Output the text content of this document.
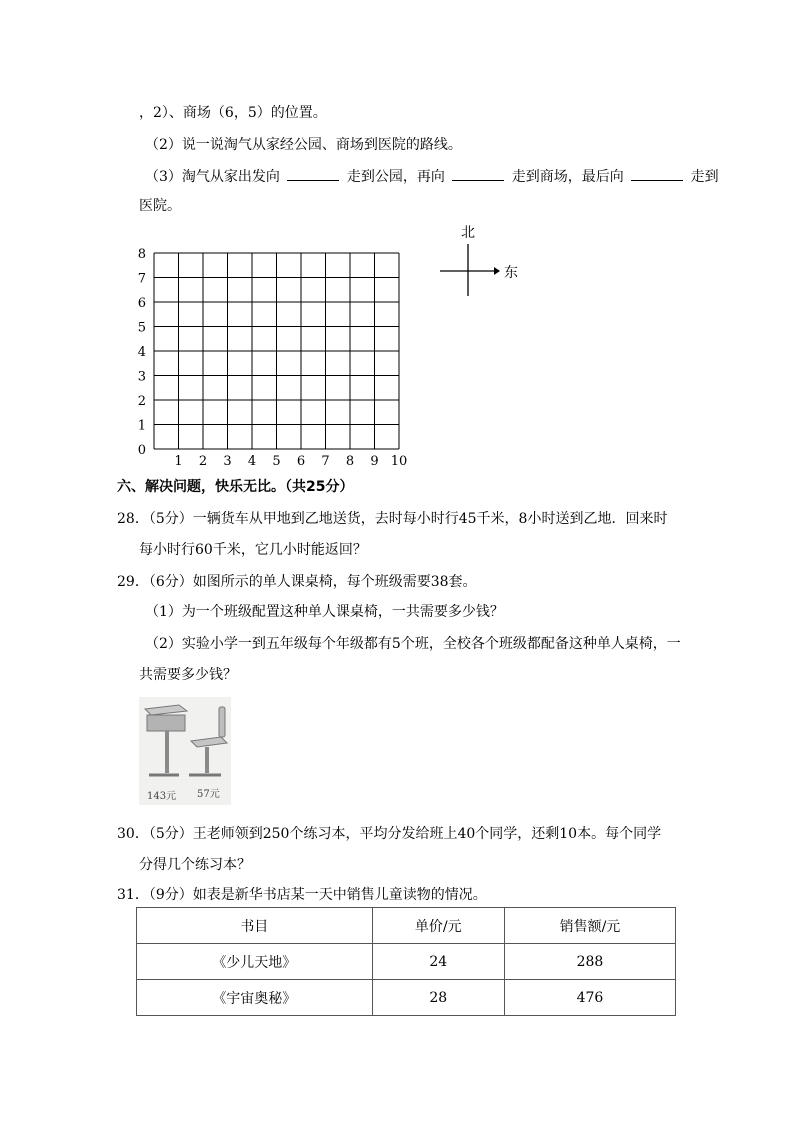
，2）、商场（6，5）的位置。
（2）说一说淘气从家经公园、商场到医院的路线。
（3）淘气从家出发向	走到公园，再向	走到商场，最后向	走到
医院。
1 2 3 4 5 6 7 8 9 10
0
1
2
3
4
5
6
7
8
北
东
六、解决问题，快乐无比。（共25分）
28．（5分）一辆货车从甲地到乙地送货，去时每小时行45千米，8小时送到乙地．回来时
每小时行60千米，它几小时能返回？
29．（6分）如图所示的单人课桌椅，每个班级需要38套。
（1）为一个班级配置这种单人课桌椅，一共需要多少钱？
（2）实验小学一到五年级每个年级都有5个班，全校各个班级都配备这种单人桌椅，一
共需要多少钱？
143元 57元
30．（5分）王老师领到250个练习本，平均分发给班上40个同学，还剩10本。每个同学
分得几个练习本？
31．（9分）如表是新华书店某一天中销售儿童读物的情况。
书目	单价/元	销售额/元
《少儿天地》	24	288
《宇宙奥秘》	28	476
